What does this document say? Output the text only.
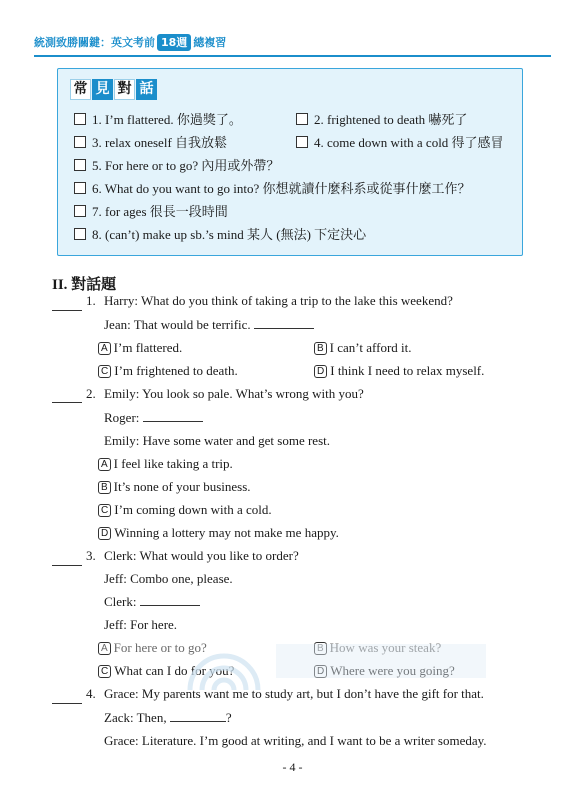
統測致勝關鍵：英文考前 18週 總複習
常 見 對 話
1. I’m flattered. 你過獎了。	2. frightened to death 嚇死了
3. relax oneself 自我放鬆	4. come down with a cold 得了感冒
5. For here or to go? 內用或外帶？
6. What do you want to go into? 你想就讀什麼科系或從事什麼工作？
7. for ages 很長一段時間
8. (can’t) make up sb.’s mind 某人 (無法) 下定決心
II. 對話題
1. Harry: What do you think of taking a trip to the lake this weekend?
Jean: That would be terrific.
A I’m flattered.	B I can’t afford it.
C I’m frightened to death.	D I think I need to relax myself.
2. Emily: You look so pale. What’s wrong with you?
Roger:
Emily: Have some water and get some rest.
A I feel like taking a trip.
B It’s none of your business.
C I’m coming down with a cold.
D Winning a lottery may not make me happy.
3. Clerk: What would you like to order?
Jeff: Combo one, please.
Clerk:
Jeff: For here.
A For here or to go?	B How was your steak?
C What can I do for you?	D Where were you going?
4. Grace: My parents want me to study art, but I don’t have the gift for that.
Zack: Then,	?
Grace: Literature. I’m good at writing, and I want to be a writer someday.
- 4 -
